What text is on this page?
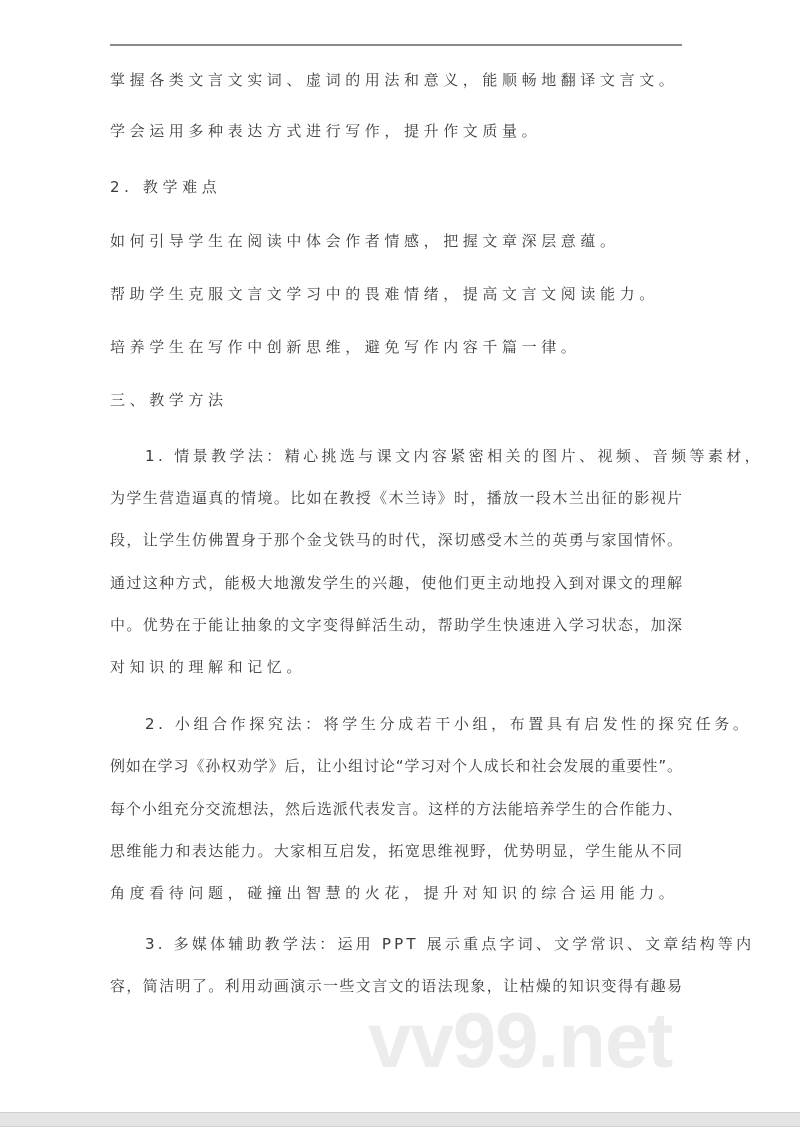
掌握各类文言文实词、虚词的用法和意义，能顺畅地翻译文言文。
学会运用多种表达方式进行写作，提升作文质量。
2. 教学难点
如何引导学生在阅读中体会作者情感，把握文章深层意蕴。
帮助学生克服文言文学习中的畏难情绪，提高文言文阅读能力。
培养学生在写作中创新思维，避免写作内容千篇一律。
三、教学方法
1. 情景教学法：精心挑选与课文内容紧密相关的图片、视频、音频等素材，
为学生营造逼真的情境。比如在教授《木兰诗》时，播放一段木兰出征的影视片
段，让学生仿佛置身于那个金戈铁马的时代，深切感受木兰的英勇与家国情怀。
通过这种方式，能极大地激发学生的兴趣，使他们更主动地投入到对课文的理解
中。优势在于能让抽象的文字变得鲜活生动，帮助学生快速进入学习状态，加深
对知识的理解和记忆。
2. 小组合作探究法：将学生分成若干小组，布置具有启发性的探究任务。
例如在学习《孙权劝学》后，让小组讨论“学习对个人成长和社会发展的重要性”。
每个小组充分交流想法，然后选派代表发言。这样的方法能培养学生的合作能力、
思维能力和表达能力。大家相互启发，拓宽思维视野，优势明显，学生能从不同
角度看待问题，碰撞出智慧的火花，提升对知识的综合运用能力。
3. 多媒体辅助教学法：运用 PPT 展示重点字词、文学常识、文章结构等内
容，简洁明了。利用动画演示一些文言文的语法现象，让枯燥的知识变得有趣易
vv99.net
